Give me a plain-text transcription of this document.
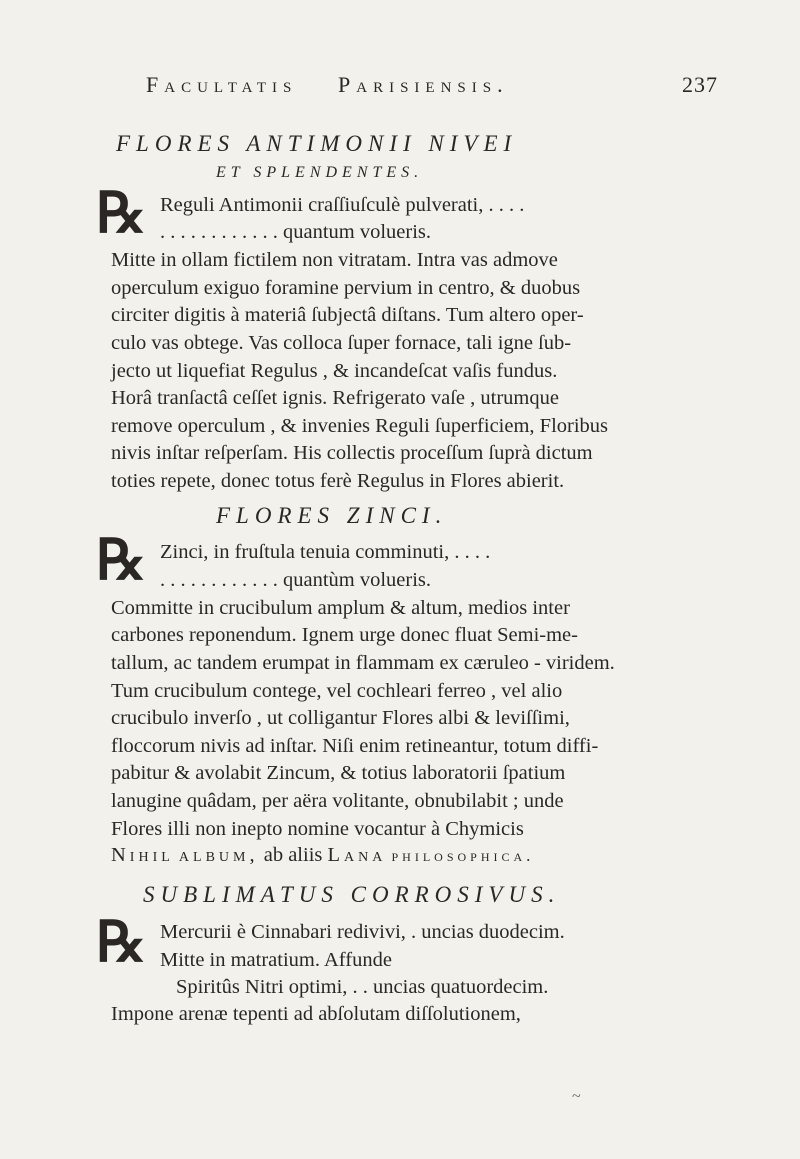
Facultatis Parisiensis.	237
FLORES ANTIMONII NIVEI
ET SPLENDENTES.
℞ Reguli Antimonii craſſiuſculè pulverati, . . . .
. . . . . . . . . . . . quantum volueris.
Mitte in ollam fictilem non vitratam. Intra vas admove
operculum exiguo foramine pervium in centro, & duobus
circiter digitis à materiâ ſubjectâ diſtans. Tum altero oper-
culo vas obtege. Vas colloca ſuper fornace, tali igne ſub-
jecto ut liquefiat Regulus , & incandeſcat vaſis fundus.
Horâ tranſactâ ceſſet ignis. Refrigerato vaſe , utrumque
remove operculum , & invenies Reguli ſuperficiem, Floribus
nivis inſtar reſperſam. His collectis proceſſum ſuprà dictum
toties repete, donec totus ferè Regulus in Flores abierit.
FLORES ZINCI.
℞ Zinci, in fruſtula tenuia comminuti, . . . .
. . . . . . . . . . . . quantùm volueris.
Committe in crucibulum amplum & altum, medios inter
carbones reponendum. Ignem urge donec fluat Semi-me-
tallum, ac tandem erumpat in flammam ex cæruleo - viridem.
Tum crucibulum contege, vel cochleari ferreo , vel alio
crucibulo inverſo , ut colligantur Flores albi & leviſſimi,
floccorum nivis ad inſtar. Niſi enim retineantur, totum diffi-
pabitur & avolabit Zincum, & totius laboratorii ſpatium
lanugine quâdam, per aëra volitante, obnubilabit ; unde
Flores illi non inepto nomine vocantur à Chymicis
Nihil album, ab aliis Lana philosophica.
SUBLIMATUS CORROSIVUS.
℞ Mercurii è Cinnabari redivivi, . uncias duodecim.
Mitte in matratium. Affunde
Spiritûs Nitri optimi, . . uncias quatuordecim.
Impone arenæ tepenti ad abſolutam diſſolutionem,
~
